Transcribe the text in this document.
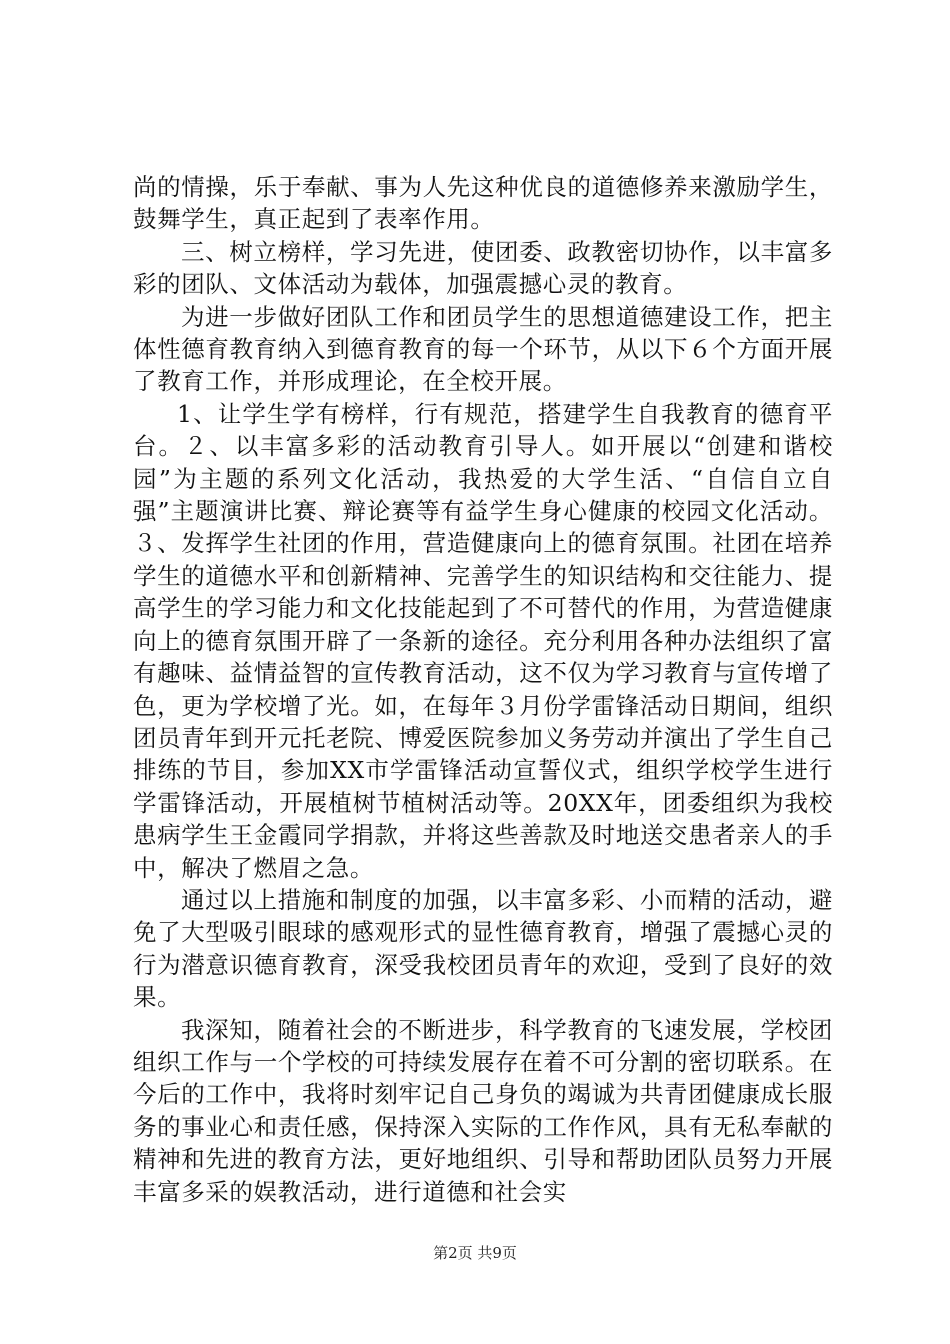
尚的情操，乐于奉献、事为人先这种优良的道德修养来激励学生，鼓舞学生，真正起到了表率作用。

三、树立榜样，学习先进，使团委、政教密切协作，以丰富多彩的团队、文体活动为载体，加强震撼心灵的教育。

为进一步做好团队工作和团员学生的思想道德建设工作，把主体性德育教育纳入到德育教育的每一个环节，从以下６个方面开展了教育工作，并形成理论，在全校开展。

1、让学生学有榜样，行有规范，搭建学生自我教育的德育平台。２、以丰富多彩的活动教育引导人。如开展以“创建和谐校园”为主题的系列文化活动，我热爱的大学生活、“自信自立自强”主题演讲比赛、辩论赛等有益学生身心健康的校园文化活动。３、发挥学生社团的作用，营造健康向上的德育氛围。社团在培养学生的道德水平和创新精神、完善学生的知识结构和交往能力、提高学生的学习能力和文化技能起到了不可替代的作用，为营造健康向上的德育氛围开辟了一条新的途径。充分利用各种办法组织了富有趣味、益情益智的宣传教育活动，这不仅为学习教育与宣传增了色，更为学校增了光。如，在每年３月份学雷锋活动日期间，组织团员青年到开元托老院、博爱医院参加义务劳动并演出了学生自己排练的节目，参加XX市学雷锋活动宣誓仪式，组织学校学生进行学雷锋活动，开展植树节植树活动等。20XX年，团委组织为我校患病学生王金霞同学捐款，并将这些善款及时地送交患者亲人的手中，解决了燃眉之急。

通过以上措施和制度的加强，以丰富多彩、小而精的活动，避免了大型吸引眼球的感观形式的显性德育教育，增强了震撼心灵的行为潜意识德育教育，深受我校团员青年的欢迎，受到了良好的效果。

我深知，随着社会的不断进步，科学教育的飞速发展，学校团组织工作与一个学校的可持续发展存在着不可分割的密切联系。在今后的工作中，我将时刻牢记自己身负的竭诚为共青团健康成长服务的事业心和责任感，保持深入实际的工作作风，具有无私奉献的精神和先进的教育方法，更好地组织、引导和帮助团队员努力开展丰富多采的娱教活动，进行道德和社会实

第2页 共9页
